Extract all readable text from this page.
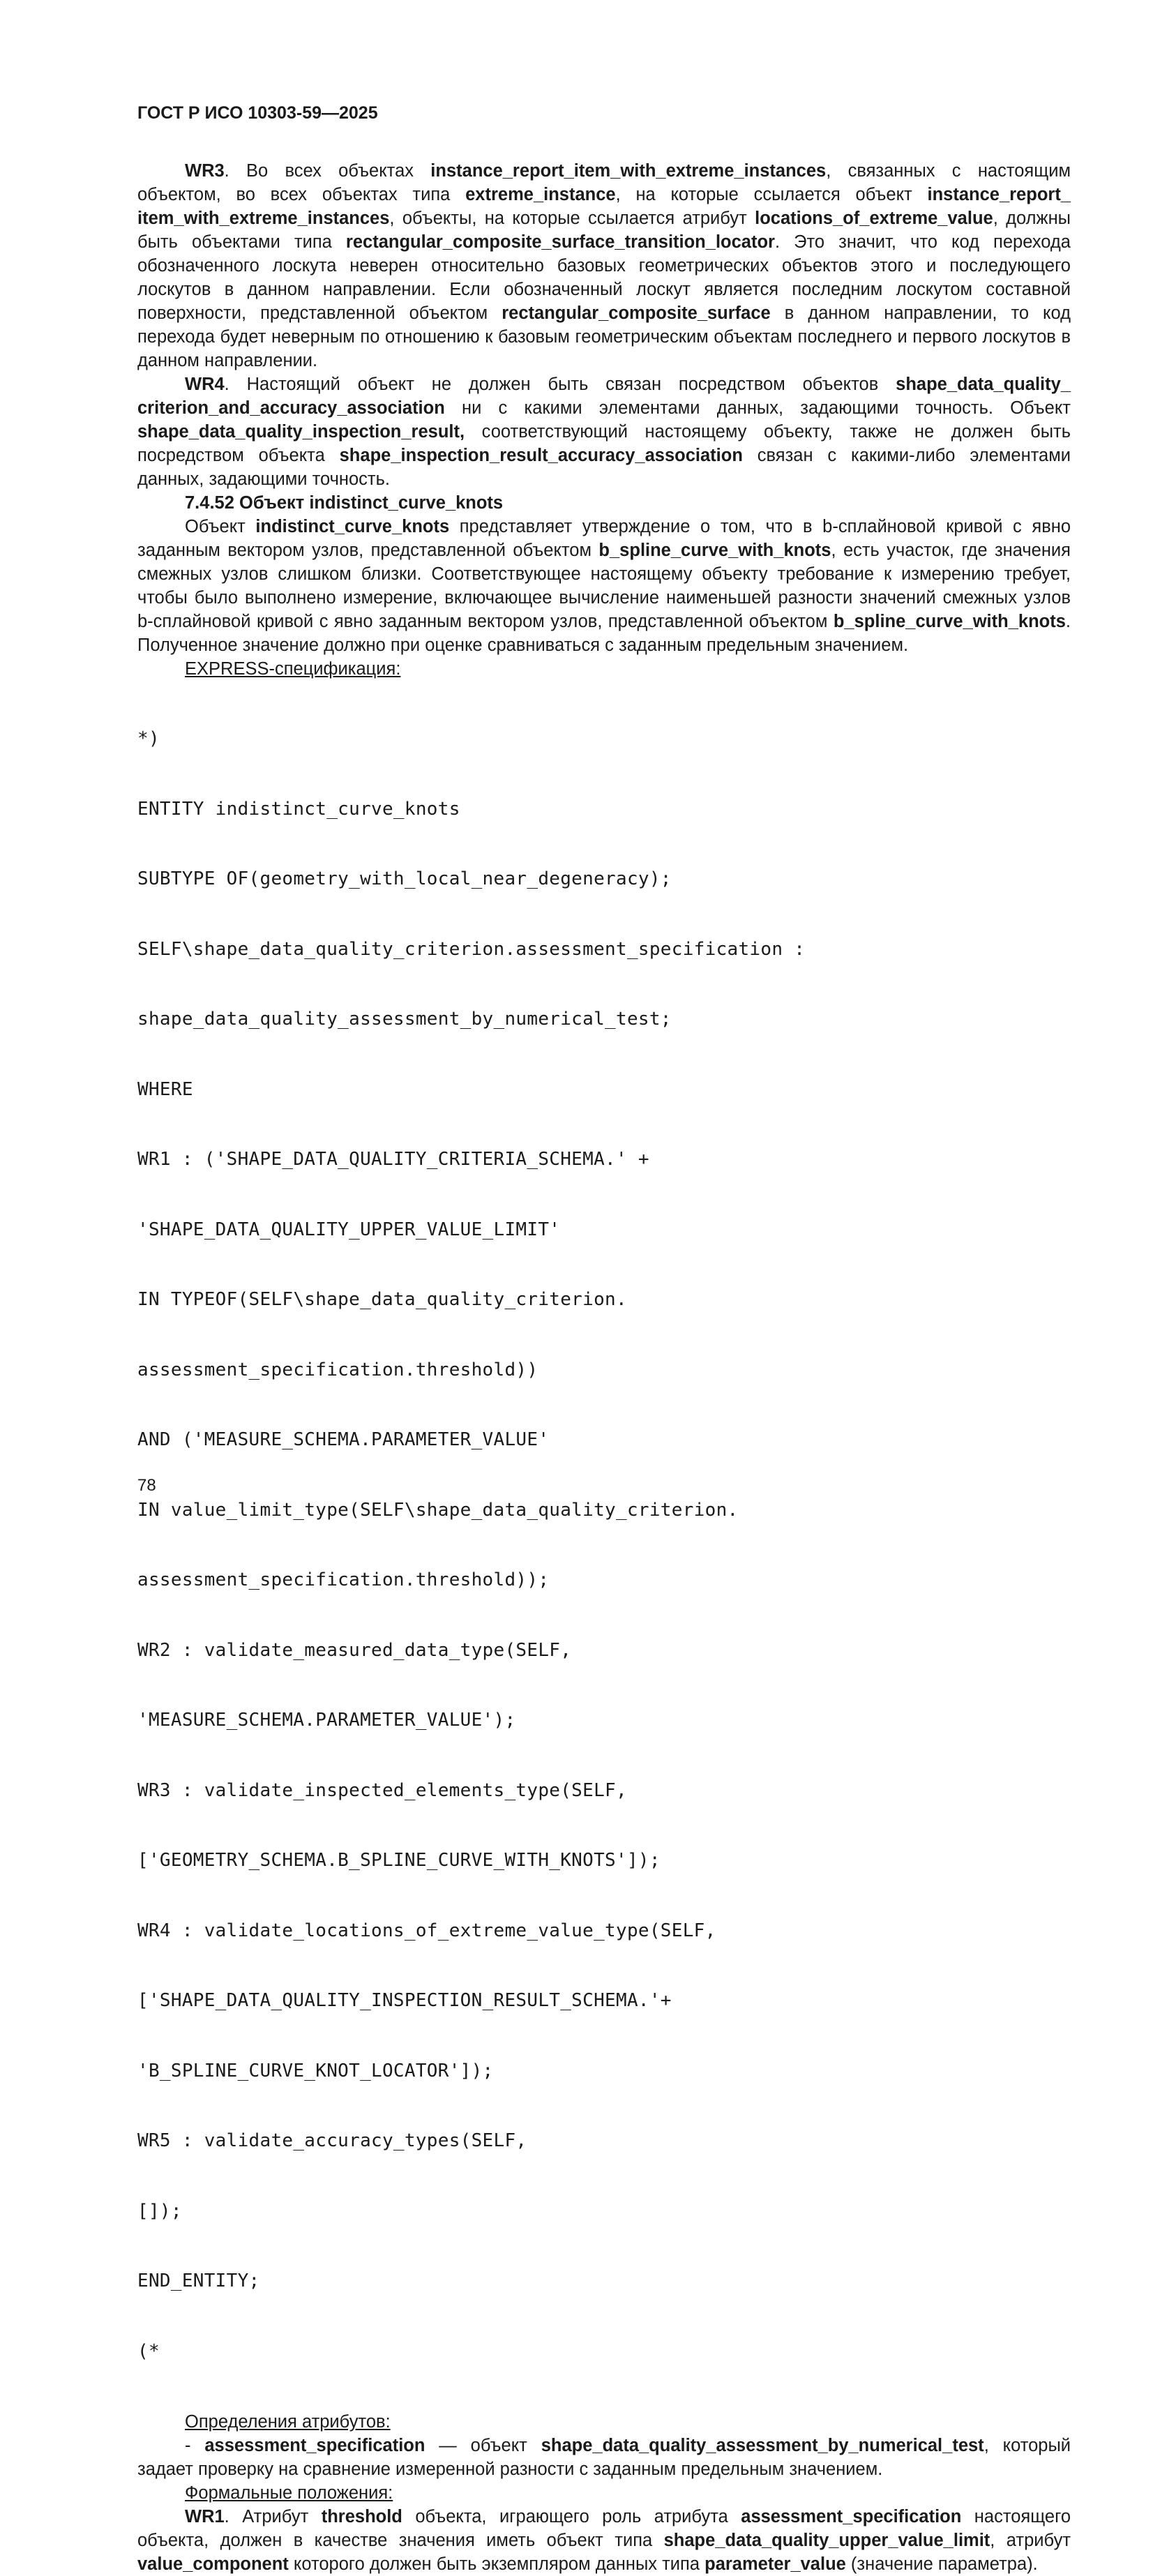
ГОСТ Р ИСО 10303-59—2025

WR3. Во всех объектах instance_report_item_with_extreme_instances, связанных с настоящим объектом, во всех объектах типа extreme_instance, на которые ссылается объект instance_report_ item_with_extreme_instances, объекты, на которые ссылается атрибут locations_of_extreme_value, должны быть объектами типа rectangular_composite_surface_transition_locator. Это значит, что код перехода обозначенного лоскута неверен относительно базовых геометрических объектов этого и последующего лоскутов в данном направлении. Если обозначенный лоскут является последним лоскутом составной поверхности, представленной объектом rectangular_composite_surface в данном направлении, то код перехода будет неверным по отношению к базовым геометрическим объектам последнего и первого лоскутов в данном направлении.

WR4. Настоящий объект не должен быть связан посредством объектов shape_data_quality_ criterion_and_accuracy_association ни с какими элементами данных, задающими точность. Объект shape_data_quality_inspection_result, соответствующий настоящему объекту, также не должен быть посредством объекта shape_inspection_result_accuracy_association связан с какими-либо элементами данных, задающими точность.

7.4.52 Объект indistinct_curve_knots

Объект indistinct_curve_knots представляет утверждение о том, что в b-сплайновой кривой с явно заданным вектором узлов, представленной объектом b_spline_curve_with_knots, есть участок, где значения смежных узлов слишком близки. Соответствующее настоящему объекту требование к измерению требует, чтобы было выполнено измерение, включающее вычисление наименьшей разности значений смежных узлов b-сплайновой кривой с явно заданным вектором узлов, представленной объектом b_spline_curve_with_knots. Полученное значение должно при оценке сравниваться с заданным предельным значением.

EXPRESS-спецификация:

*)

ENTITY indistinct_curve_knots

SUBTYPE OF(geometry_with_local_near_degeneracy);

SELF\shape_data_quality_criterion.assessment_specification :

shape_data_quality_assessment_by_numerical_test;

WHERE

WR1 : ('SHAPE_DATA_QUALITY_CRITERIA_SCHEMA.' +

'SHAPE_DATA_QUALITY_UPPER_VALUE_LIMIT'

IN TYPEOF(SELF\shape_data_quality_criterion.

assessment_specification.threshold))

AND ('MEASURE_SCHEMA.PARAMETER_VALUE'

IN value_limit_type(SELF\shape_data_quality_criterion.

assessment_specification.threshold));

WR2 : validate_measured_data_type(SELF,

'MEASURE_SCHEMA.PARAMETER_VALUE');

WR3 : validate_inspected_elements_type(SELF,

['GEOMETRY_SCHEMA.B_SPLINE_CURVE_WITH_KNOTS']);

WR4 : validate_locations_of_extreme_value_type(SELF,

['SHAPE_DATA_QUALITY_INSPECTION_RESULT_SCHEMA.'+

'B_SPLINE_CURVE_KNOT_LOCATOR']);

WR5 : validate_accuracy_types(SELF,

[]);

END_ENTITY;

(*

Определения атрибутов:

- assessment_specification — объект shape_data_quality_assessment_by_numerical_test, который задает проверку на сравнение измеренной разности с заданным предельным значением.

Формальные положения:

WR1. Атрибут threshold объекта, играющего роль атрибута assessment_specification настоящего объекта, должен в качестве значения иметь объект типа shape_data_quality_upper_value_limit, атрибут value_component которого должен быть экземпляром данных типа parameter_value (значение параметра).

78
